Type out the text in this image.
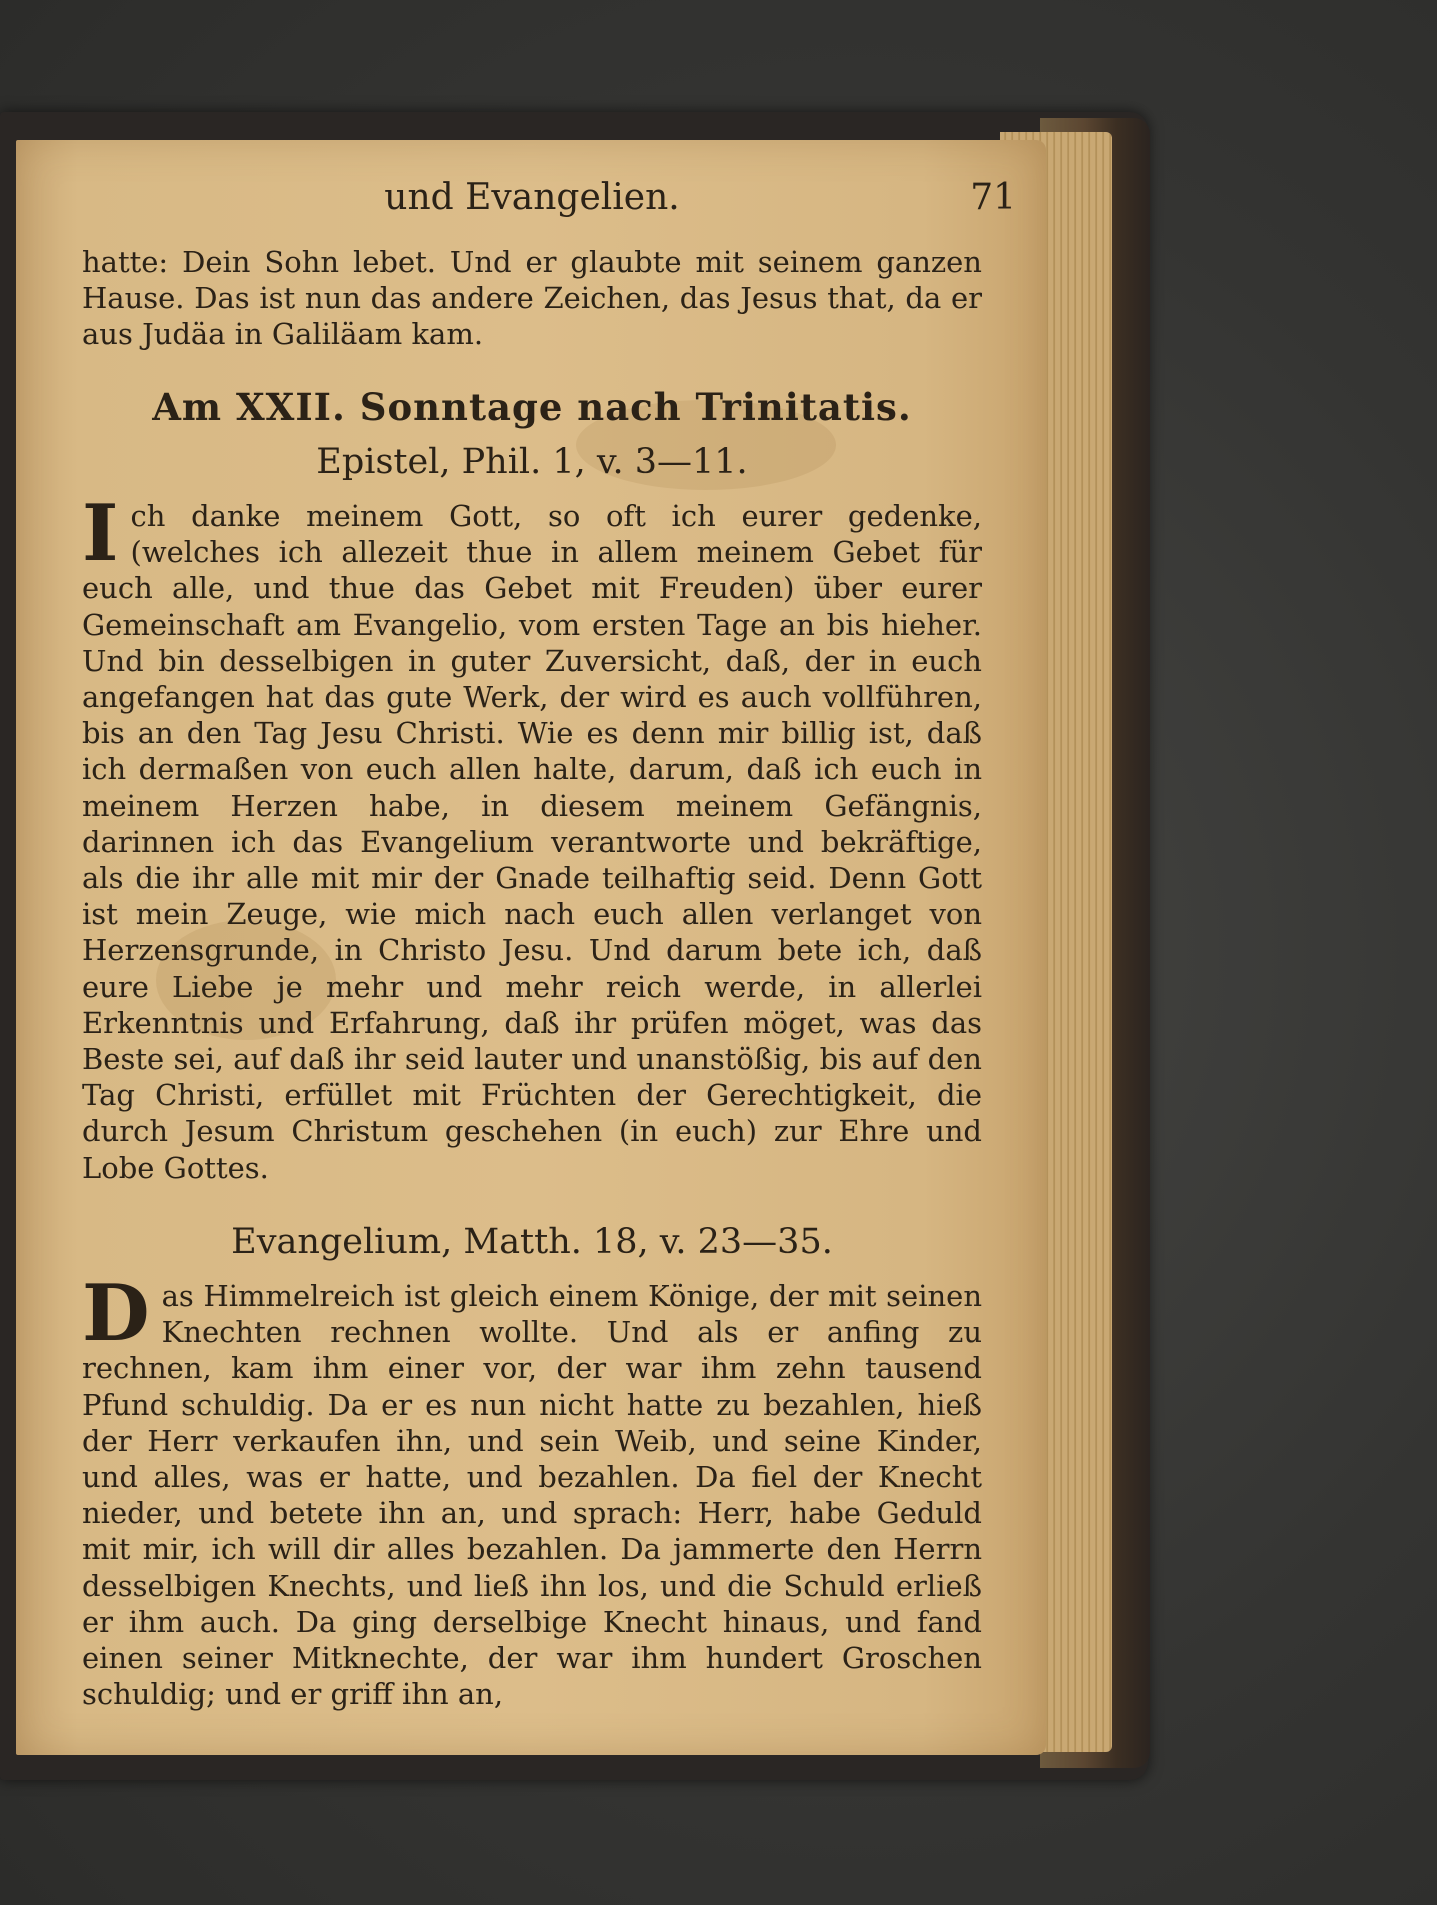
und Evangelien.	71
hatte: Dein Sohn lebet. Und er glaubte mit seinem ganzen Hause. Das ist nun das andere Zeichen, das Jesus that, da er aus Judäa in Galiläam kam.
Am XXII. Sonntage nach Trinitatis.
Epistel, Phil. 1, v. 3—11.
Ich danke meinem Gott, so oft ich eurer gedenke, (welches ich allezeit thue in allem meinem Gebet für euch alle, und thue das Gebet mit Freuden) über eurer Gemeinschaft am Evangelio, vom ersten Tage an bis hieher. Und bin desselbigen in guter Zuversicht, daß, der in euch angefangen hat das gute Werk, der wird es auch vollführen, bis an den Tag Jesu Christi. Wie es denn mir billig ist, daß ich dermaßen von euch allen halte, darum, daß ich euch in meinem Herzen habe, in diesem meinem Gefängnis, darinnen ich das Evangelium verantworte und bekräftige, als die ihr alle mit mir der Gnade teilhaftig seid. Denn Gott ist mein Zeuge, wie mich nach euch allen verlanget von Herzensgrunde, in Christo Jesu. Und darum bete ich, daß eure Liebe je mehr und mehr reich werde, in allerlei Erkenntnis und Erfahrung, daß ihr prüfen möget, was das Beste sei, auf daß ihr seid lauter und unanstößig, bis auf den Tag Christi, erfüllet mit Früchten der Gerechtigkeit, die durch Jesum Christum geschehen (in euch) zur Ehre und Lobe Gottes.
Evangelium, Matth. 18, v. 23—35.
Das Himmelreich ist gleich einem Könige, der mit seinen Knechten rechnen wollte. Und als er anfing zu rechnen, kam ihm einer vor, der war ihm zehn tausend Pfund schuldig. Da er es nun nicht hatte zu bezahlen, hieß der Herr verkaufen ihn, und sein Weib, und seine Kinder, und alles, was er hatte, und bezahlen. Da fiel der Knecht nieder, und betete ihn an, und sprach: Herr, habe Geduld mit mir, ich will dir alles bezahlen. Da jammerte den Herrn desselbigen Knechts, und ließ ihn los, und die Schuld erließ er ihm auch. Da ging derselbige Knecht hinaus, und fand einen seiner Mitknechte, der war ihm hundert Groschen schuldig; und er griff ihn an,
